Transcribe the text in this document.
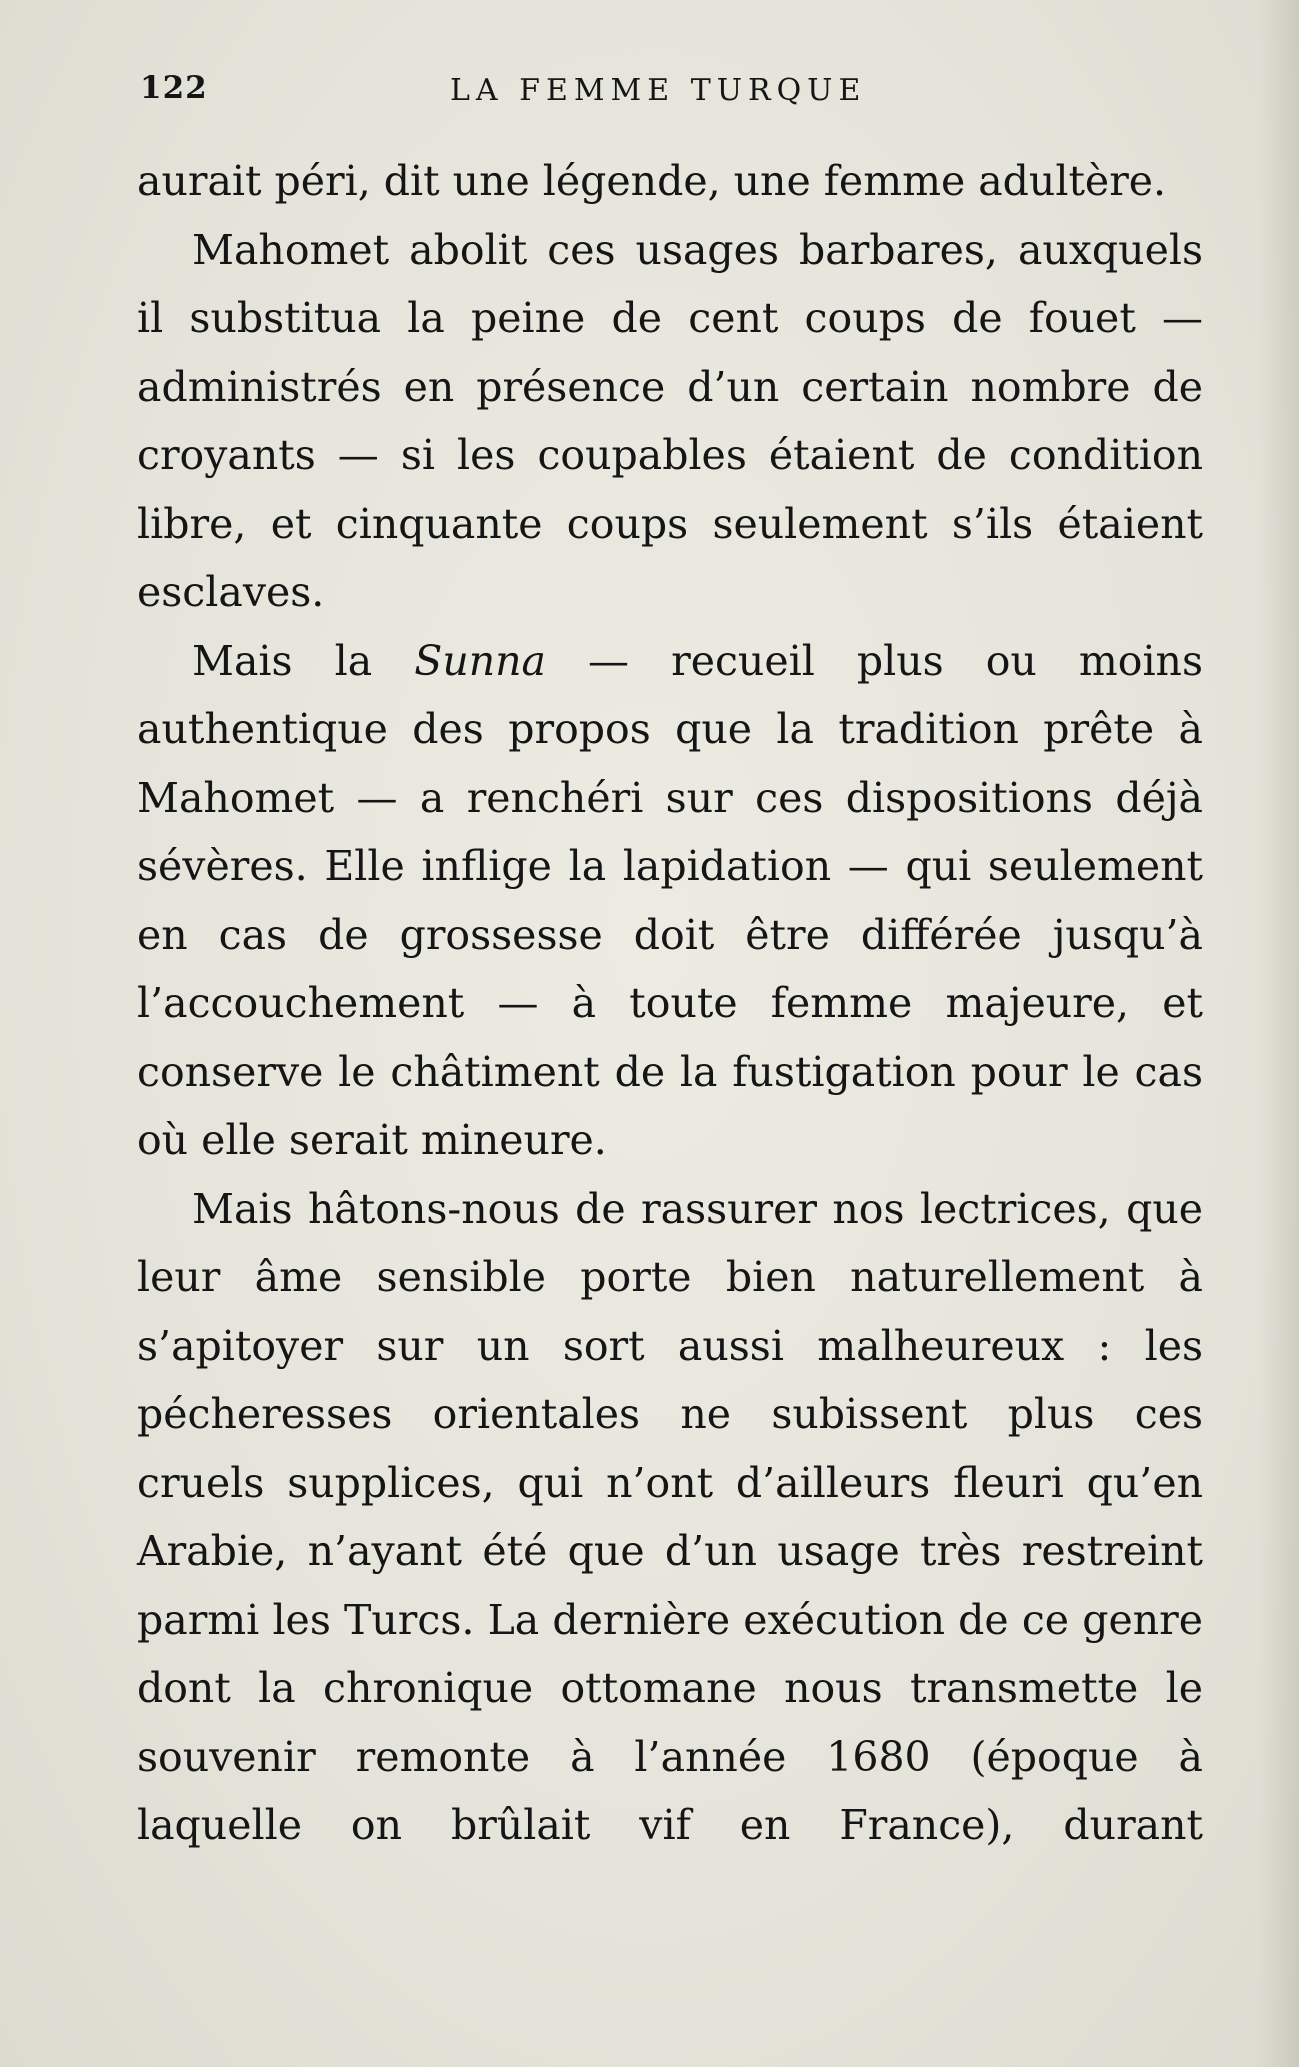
122	LA FEMME TURQUE

aurait péri, dit une légende, une femme adultère.

Mahomet abolit ces usages barbares, auxquels il substitua la peine de cent coups de fouet — administrés en présence d’un certain nombre de croyants — si les coupables étaient de condition libre, et cinquante coups seulement s’ils étaient esclaves.

Mais la Sunna — recueil plus ou moins authentique des propos que la tradition prête à Mahomet — a renchéri sur ces dispositions déjà sévères. Elle inflige la lapidation — qui seulement en cas de grossesse doit être différée jusqu’à l’accouchement — à toute femme majeure, et conserve le châtiment de la fustigation pour le cas où elle serait mineure.

Mais hâtons-nous de rassurer nos lectrices, que leur âme sensible porte bien naturellement à s’apitoyer sur un sort aussi malheureux : les pécheresses orientales ne subissent plus ces cruels supplices, qui n’ont d’ailleurs fleuri qu’en Arabie, n’ayant été que d’un usage très restreint parmi les Turcs. La dernière exécution de ce genre dont la chronique ottomane nous transmette le souvenir remonte à l’année 1680 (époque à laquelle on brûlait vif en France), durant
